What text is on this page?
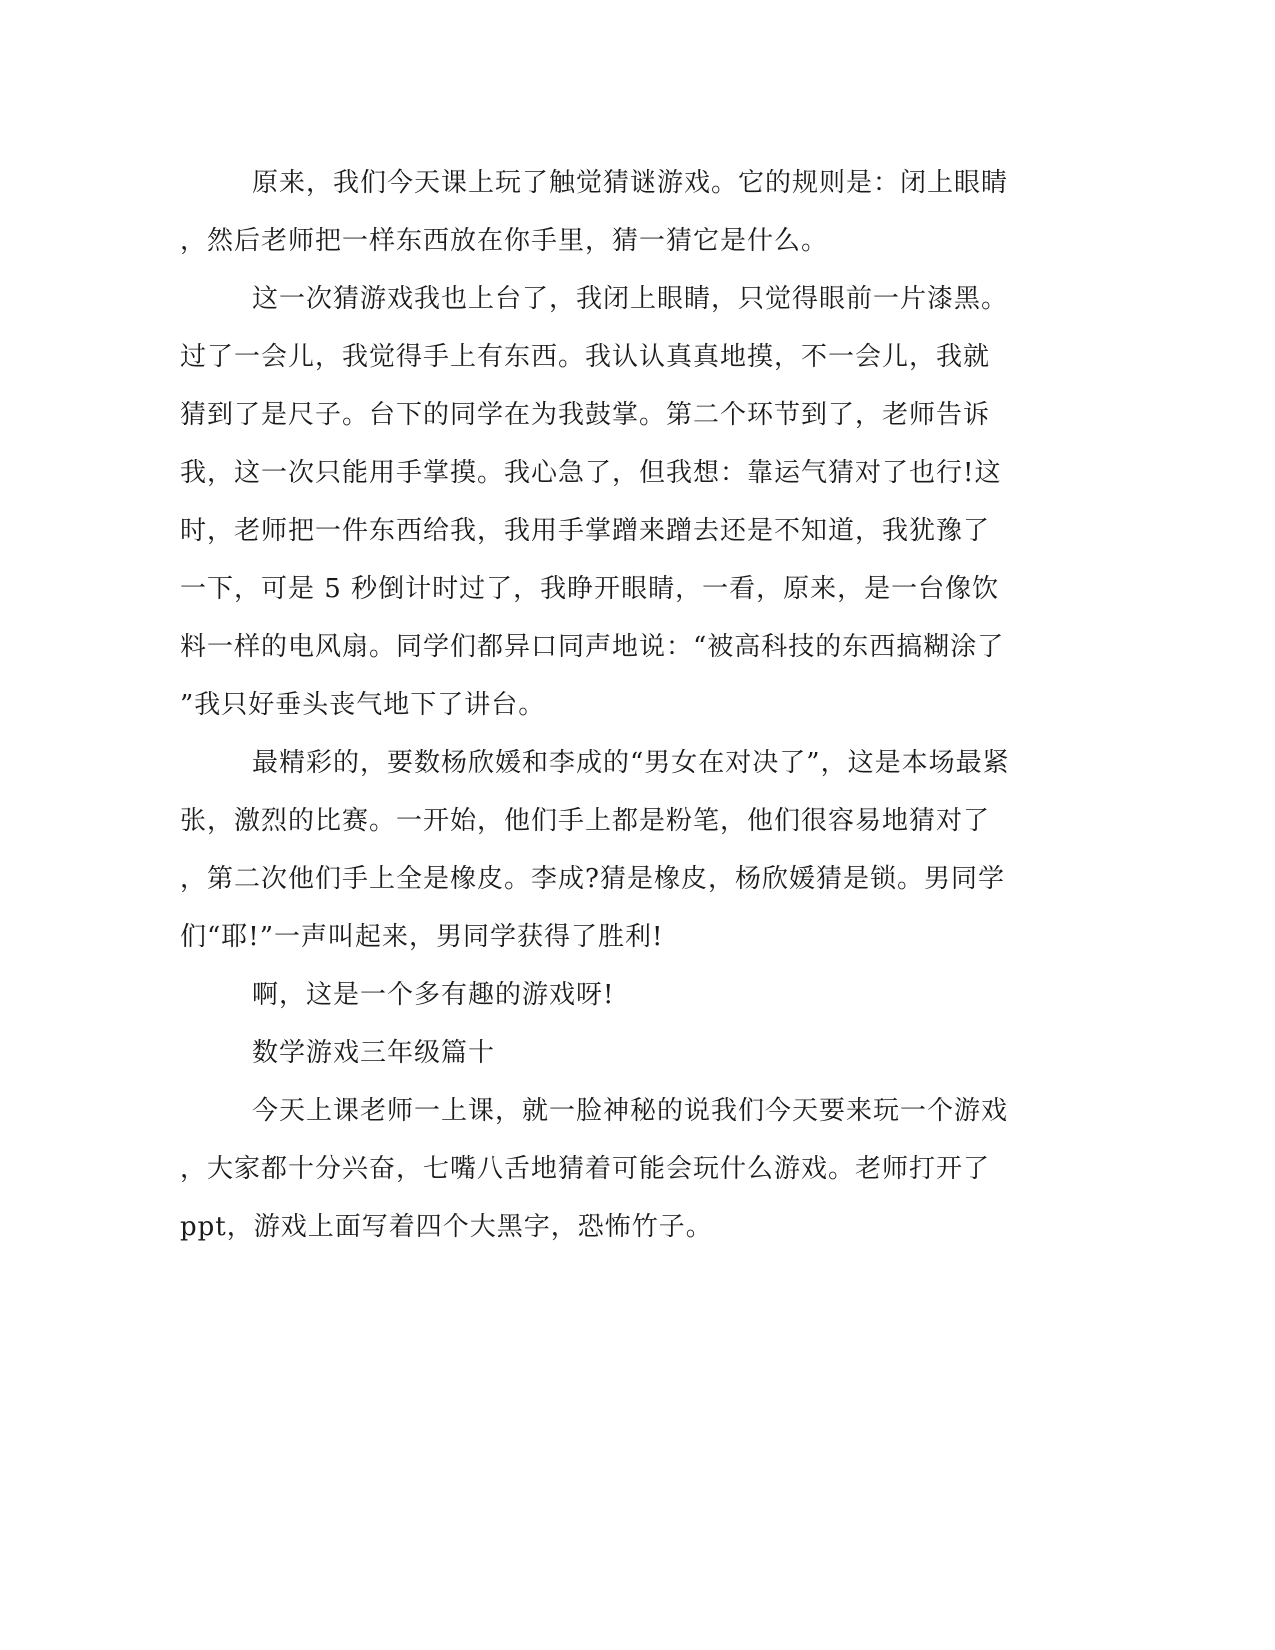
原来，我们今天课上玩了触觉猜谜游戏。它的规则是：闭上眼睛
，然后老师把一样东西放在你手里，猜一猜它是什么。
这一次猜游戏我也上台了，我闭上眼睛，只觉得眼前一片漆黑。
过了一会儿，我觉得手上有东西。我认认真真地摸，不一会儿，我就
猜到了是尺子。台下的同学在为我鼓掌。第二个环节到了，老师告诉
我，这一次只能用手掌摸。我心急了，但我想：靠运气猜对了也行!这
时，老师把一件东西给我，我用手掌蹭来蹭去还是不知道，我犹豫了
一下，可是 5 秒倒计时过了，我睁开眼睛，一看，原来，是一台像饮
料一样的电风扇。同学们都异口同声地说：“被高科技的东西搞糊涂了
”我只好垂头丧气地下了讲台。
最精彩的，要数杨欣媛和李成的“男女在对决了”，这是本场最紧
张，激烈的比赛。一开始，他们手上都是粉笔，他们很容易地猜对了
，第二次他们手上全是橡皮。李成?猜是橡皮，杨欣媛猜是锁。男同学
们“耶!”一声叫起来，男同学获得了胜利!
啊，这是一个多有趣的游戏呀!
数学游戏三年级篇十
今天上课老师一上课，就一脸神秘的说我们今天要来玩一个游戏
，大家都十分兴奋，七嘴八舌地猜着可能会玩什么游戏。老师打开了
ppt，游戏上面写着四个大黑字，恐怖竹子。
